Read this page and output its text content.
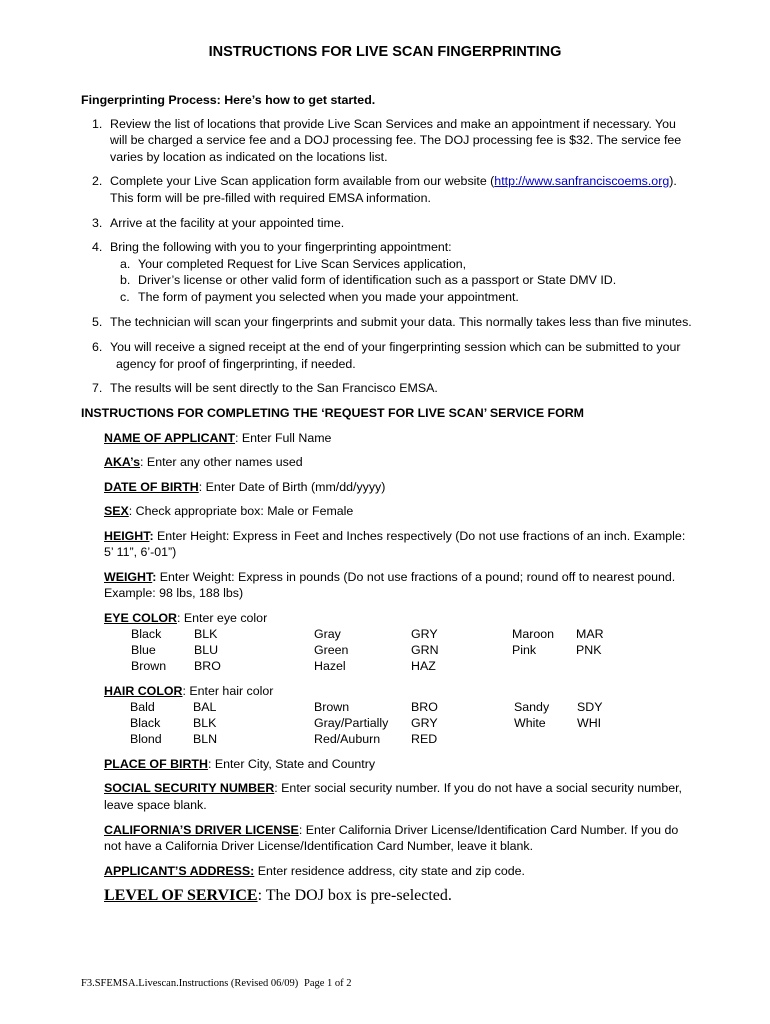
INSTRUCTIONS FOR LIVE SCAN FINGERPRINTING
Fingerprinting Process: Here’s how to get started.
1. Review the list of locations that provide Live Scan Services and make an appointment if necessary. You
will be charged a service fee and a DOJ processing fee. The DOJ processing fee is $32. The service fee
varies by location as indicated on the locations list.
2. Complete your Live Scan application form available from our website (http://www.sanfranciscoems.org).
This form will be pre-filled with required EMSA information.
3. Arrive at the facility at your appointed time.
4. Bring the following with you to your fingerprinting appointment:
a. Your completed Request for Live Scan Services application,
b. Driver’s license or other valid form of identification such as a passport or State DMV ID.
c. The form of payment you selected when you made your appointment.
5. The technician will scan your fingerprints and submit your data. This normally takes less than five minutes.
6. You will receive a signed receipt at the end of your fingerprinting session which can be submitted to your
agency for proof of fingerprinting, if needed.
7. The results will be sent directly to the San Francisco EMSA.
INSTRUCTIONS FOR COMPLETING THE ‘REQUEST FOR LIVE SCAN’ SERVICE FORM
NAME OF APPLICANT: Enter Full Name
AKA’s: Enter any other names used
DATE OF BIRTH: Enter Date of Birth (mm/dd/yyyy)
SEX: Check appropriate box: Male or Female
HEIGHT: Enter Height: Express in Feet and Inches respectively (Do not use fractions of an inch. Example:
5’ 11”, 6’-01”)
WEIGHT: Enter Weight: Express in pounds (Do not use fractions of a pound; round off to nearest pound.
Example: 98 lbs, 188 lbs)
EYE COLOR: Enter eye color
Black	BLK	Gray	GRY	Maroon MAR
Blue	BLU	Green	GRN	Pink	PNK
Brown BRO	Hazel	HAZ
HAIR COLOR: Enter hair color
Bald	BAL	Brown	BRO	Sandy SDY
Black	BLK	Gray/Partially GRY	White	WHI
Blond	BLN	Red/Auburn RED
PLACE OF BIRTH: Enter City, State and Country
SOCIAL SECURITY NUMBER: Enter social security number. If you do not have a social security number,
leave space blank.
CALIFORNIA’S DRIVER LICENSE: Enter California Driver License/Identification Card Number. If you do
not have a California Driver License/Identification Card Number, leave it blank.
APPLICANT’S ADDRESS: Enter residence address, city state and zip code.
LEVEL OF SERVICE: The DOJ box is pre-selected.
F3.SFEMSA.Livescan.Instructions (Revised 06/09) Page 1 of 2
